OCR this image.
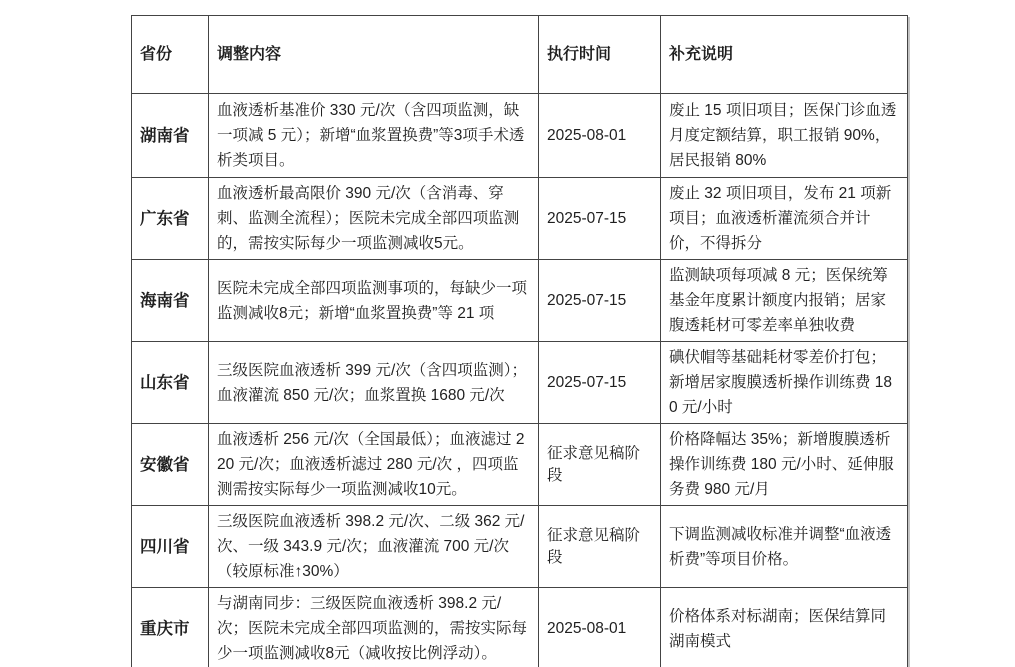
省份	调整内容	执行时间	补充说明
湖南省	血液透析基准价 330 元/次（含四项监测，缺一项减 5 元）；新增“血浆置换费”等3项手术透析类项目。	2025-08-01	废止 15 项旧项目；医保门诊血透月度定额结算，职工报销 90%，居民报销 80%
广东省	血液透析最高限价 390 元/次（含消毒、穿刺、监测全流程）；医院未完成全部四项监测的，需按实际每少一项监测减收5元。	2025-07-15	废止 32 项旧项目，发布 21 项新项目；血液透析灌流须合并计价，不得拆分
海南省	医院未完成全部四项监测事项的，每缺少一项监测减收8元；新增“血浆置换费”等 21 项	2025-07-15	监测缺项每项减 8 元；医保统筹基金年度累计额度内报销；居家腹透耗材可零差率单独收费
山东省	三级医院血液透析 399 元/次（含四项监测）；血液灌流 850 元/次；血浆置换 1680 元/次	2025-07-15	碘伏帽等基础耗材零差价打包；新增居家腹膜透析操作训练费 180 元/小时
安徽省	血液透析 256 元/次（全国最低）；血液滤过 220 元/次；血液透析滤过 280 元/次 ，四项监测需按实际每少一项监测减收10元。	征求意见稿阶段	价格降幅达 35%；新增腹膜透析操作训练费 180 元/小时、延伸服务费 980 元/月
四川省	三级医院血液透析 398.2 元/次、二级 362 元/次、一级 343.9 元/次；血液灌流 700 元/次（较原标准↑30%）	征求意见稿阶段	下调监测减收标准并调整“血液透析费”等项目价格。
重庆市	与湖南同步：三级医院血液透析 398.2 元/次；医院未完成全部四项监测的，需按实际每少一项监测减收8元（减收按比例浮动）。	2025-08-01	价格体系对标湖南；医保结算同湖南模式
